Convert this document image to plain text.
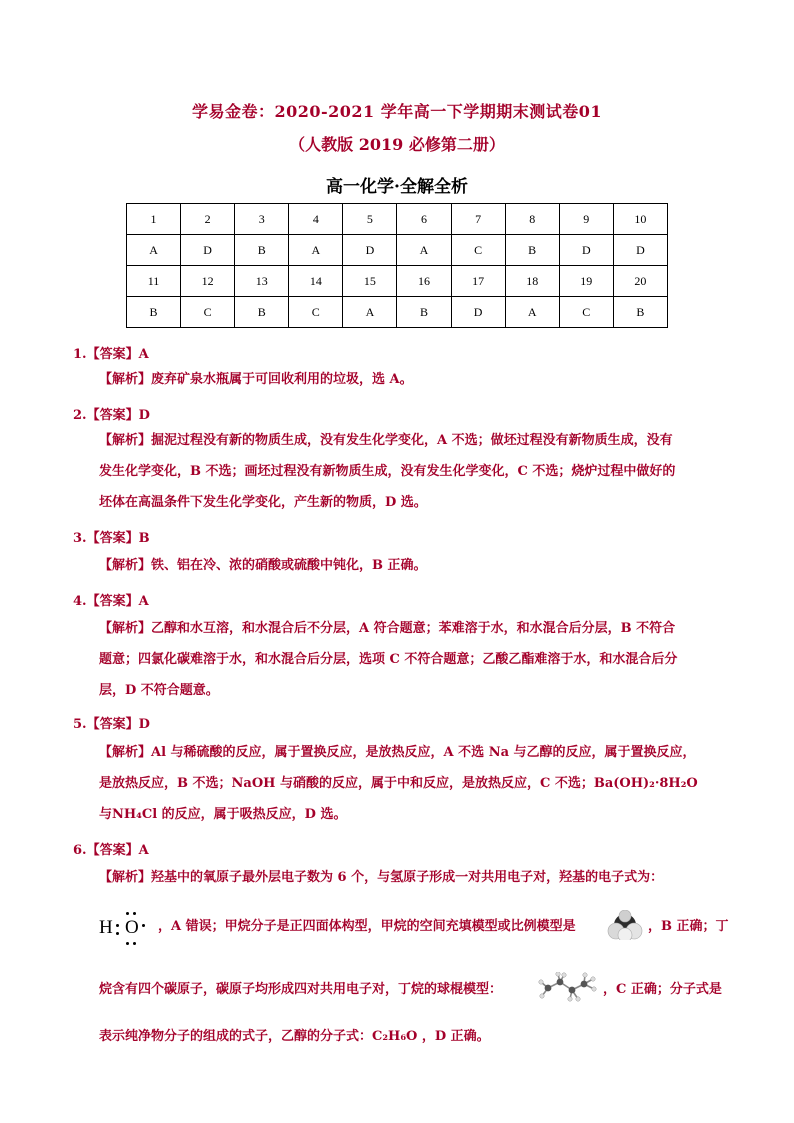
学易金卷：2020-2021 学年高一下学期期末测试卷01
（人教版 2019 必修第二册）
高一化学·全解全析
1	2	3	4	5	6	7	8	9	10
A	D	B	A	D	A	C	B	D	D
11	12	13	14	15	16	17	18	19	20
B	C	B	C	A	B	D	A	C	B
1.【答案】A
【解析】废弃矿泉水瓶属于可回收利用的垃圾，选 A。
2.【答案】D
【解析】掘泥过程没有新的物质生成，没有发生化学变化，A 不选；做坯过程没有新物质生成，没有
发生化学变化，B 不选；画坯过程没有新物质生成，没有发生化学变化，C 不选；烧炉过程中做好的
坯体在高温条件下发生化学变化，产生新的物质，D 选。
3.【答案】B
【解析】铁、铝在冷、浓的硝酸或硫酸中钝化，B 正确。
4.【答案】A
【解析】乙醇和水互溶，和水混合后不分层，A 符合题意；苯难溶于水，和水混合后分层，B 不符合
题意；四氯化碳难溶于水，和水混合后分层，选项 C 不符合题意；乙酸乙酯难溶于水，和水混合后分
层，D 不符合题意。
5.【答案】D
【解析】Al 与稀硫酸的反应，属于置换反应，是放热反应，A 不选 Na 与乙醇的反应，属于置换反应，
是放热反应，B 不选；NaOH 与硝酸的反应，属于中和反应，是放热反应，C 不选；Ba(OH)₂·8H₂O
与NH₄Cl 的反应，属于吸热反应，D 选。
6.【答案】A
【解析】羟基中的氧原子最外层电子数为 6 个，与氢原子形成一对共用电子对，羟基的电子式为：
H O ，A 错误；甲烷分子是正四面体构型，甲烷的空间充填模型或比例模型是	，B 正确；丁
烷含有四个碳原子，碳原子均形成四对共用电子对，丁烷的球棍模型：	，C 正确；分子式是
表示纯净物分子的组成的式子，乙醇的分子式：C₂H₆O ，D 正确。
